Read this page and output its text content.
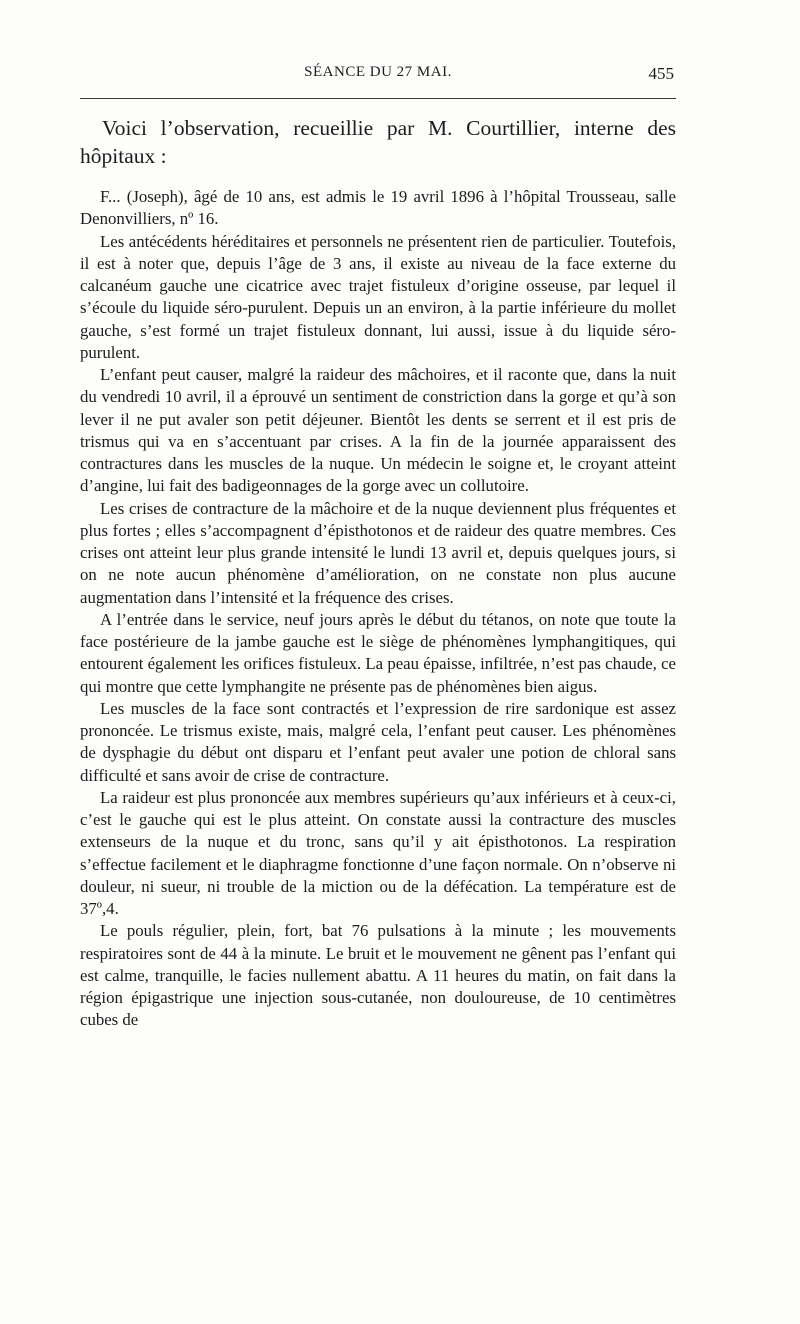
SÉANCE DU 27 MAI.	455

Voici l’observation, recueillie par M. Courtillier, interne des hôpitaux :

F... (Joseph), âgé de 10 ans, est admis le 19 avril 1896 à l’hôpital Trousseau, salle Denonvilliers, nº 16.

Les antécédents héréditaires et personnels ne présentent rien de particulier. Toutefois, il est à noter que, depuis l’âge de 3 ans, il existe au niveau de la face externe du calcanéum gauche une cicatrice avec trajet fistuleux d’origine osseuse, par lequel il s’écoule du liquide séro-purulent. Depuis un an environ, à la partie inférieure du mollet gauche, s’est formé un trajet fistuleux donnant, lui aussi, issue à du liquide séro-purulent.

L’enfant peut causer, malgré la raideur des mâchoires, et il raconte que, dans la nuit du vendredi 10 avril, il a éprouvé un sentiment de constriction dans la gorge et qu’à son lever il ne put avaler son petit déjeuner. Bientôt les dents se serrent et il est pris de trismus qui va en s’accentuant par crises. A la fin de la journée apparaissent des contractures dans les muscles de la nuque. Un médecin le soigne et, le croyant atteint d’angine, lui fait des badigeonnages de la gorge avec un collutoire.

Les crises de contracture de la mâchoire et de la nuque deviennent plus fréquentes et plus fortes ; elles s’accompagnent d’épisthotonos et de raideur des quatre membres. Ces crises ont atteint leur plus grande intensité le lundi 13 avril et, depuis quelques jours, si on ne note aucun phénomène d’amélioration, on ne constate non plus aucune augmentation dans l’intensité et la fréquence des crises.

A l’entrée dans le service, neuf jours après le début du tétanos, on note que toute la face postérieure de la jambe gauche est le siège de phénomènes lymphangitiques, qui entourent également les orifices fistuleux. La peau épaisse, infiltrée, n’est pas chaude, ce qui montre que cette lymphangite ne présente pas de phénomènes bien aigus.

Les muscles de la face sont contractés et l’expression de rire sardonique est assez prononcée. Le trismus existe, mais, malgré cela, l’enfant peut causer. Les phénomènes de dysphagie du début ont disparu et l’enfant peut avaler une potion de chloral sans difficulté et sans avoir de crise de contracture.

La raideur est plus prononcée aux membres supérieurs qu’aux inférieurs et à ceux-ci, c’est le gauche qui est le plus atteint. On constate aussi la contracture des muscles extenseurs de la nuque et du tronc, sans qu’il y ait épisthotonos. La respiration s’effectue facilement et le diaphragme fonctionne d’une façon normale. On n’observe ni douleur, ni sueur, ni trouble de la miction ou de la défécation. La température est de 37º,4.

Le pouls régulier, plein, fort, bat 76 pulsations à la minute ; les mouvements respiratoires sont de 44 à la minute. Le bruit et le mouvement ne gênent pas l’enfant qui est calme, tranquille, le facies nullement abattu. A 11 heures du matin, on fait dans la région épigastrique une injection sous-cutanée, non douloureuse, de 10 centimètres cubes de
